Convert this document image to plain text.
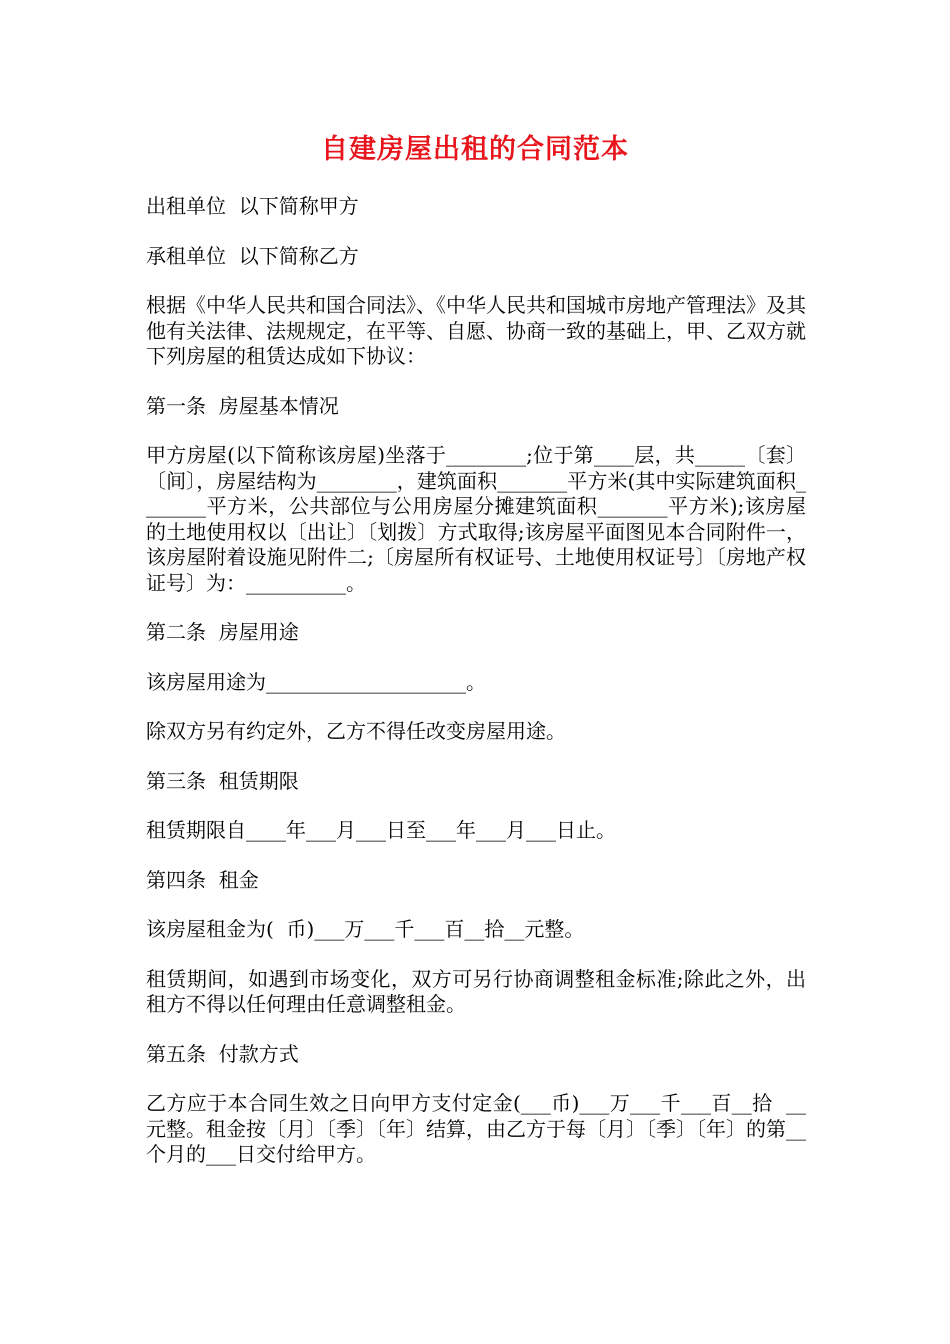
自建房屋出租的合同范本

出租单位  以下简称甲方

承租单位  以下简称乙方

根据《中华人民共和国合同法》、《中华人民共和国城市房地产管理法》及其他有关法律、法规规定，在平等、自愿、协商一致的基础上，甲、乙双方就下列房屋的租赁达成如下协议：

第一条  房屋基本情况

甲方房屋(以下简称该房屋)坐落于________;位于第____层，共_____〔套〕〔间〕，房屋结构为________，建筑面积_______平方米(其中实际建筑面积_______平方米，公共部位与公用房屋分摊建筑面积_______平方米);该房屋的土地使用权以〔出让〕〔划拨〕方式取得;该房屋平面图见本合同附件一，该房屋附着设施见附件二;〔房屋所有权证号、土地使用权证号〕〔房地产权证号〕为：__________。

第二条  房屋用途

该房屋用途为____________________。

除双方另有约定外，乙方不得任改变房屋用途。

第三条  租赁期限

租赁期限自____年___月___日至___年___月___日止。

第四条  租金

该房屋租金为(  币)___万___千___百__拾__元整。

租赁期间，如遇到市场变化，双方可另行协商调整租金标准;除此之外，出租方不得以任何理由任意调整租金。

第五条  付款方式

乙方应于本合同生效之日向甲方支付定金(___币)___万___千___百__拾  __元整。租金按〔月〕〔季〕〔年〕结算，由乙方于每〔月〕〔季〕〔年〕的第__个月的___日交付给甲方。
